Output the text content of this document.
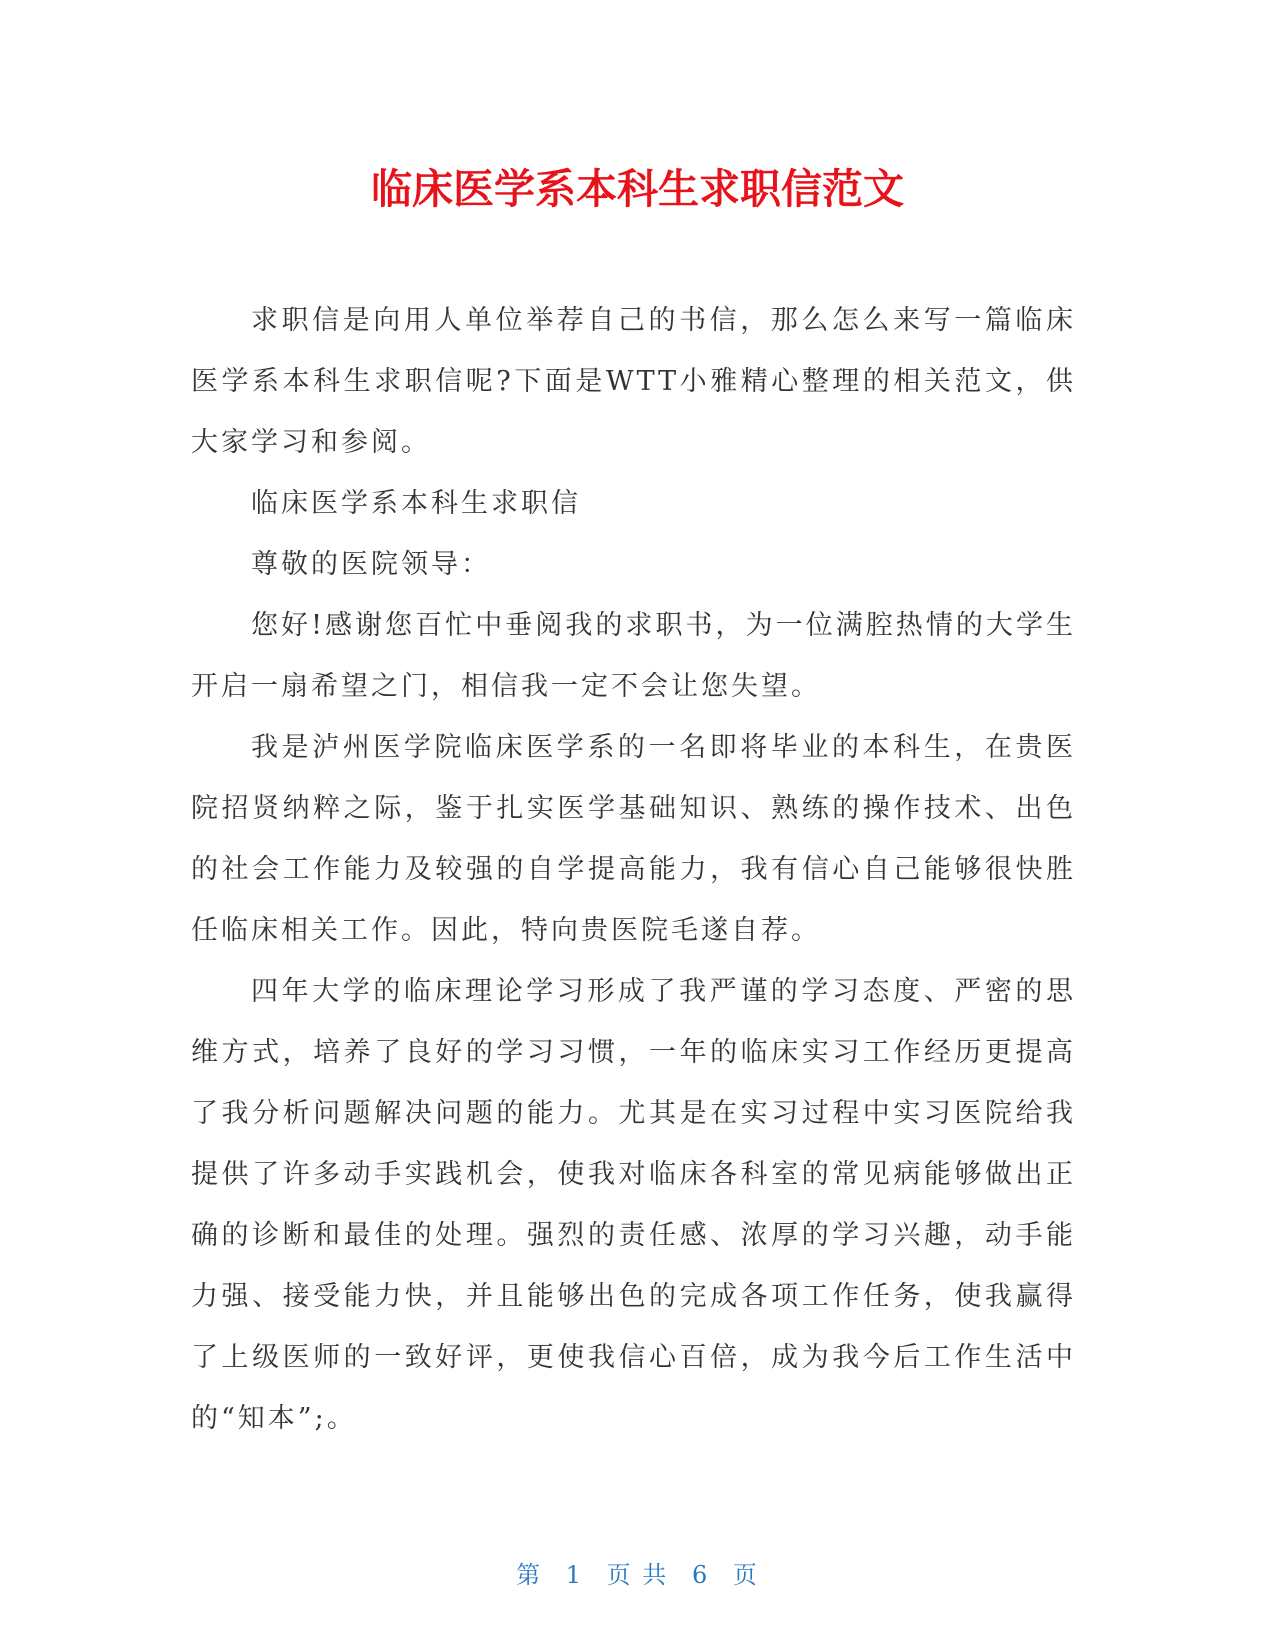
临床医学系本科生求职信范文

求职信是向用人单位举荐自己的书信，那么怎么来写一篇临床医学系本科生求职信呢?下面是WTT小雅精心整理的相关范文，供大家学习和参阅。

临床医学系本科生求职信

尊敬的医院领导：

您好!感谢您百忙中垂阅我的求职书，为一位满腔热情的大学生开启一扇希望之门，相信我一定不会让您失望。

我是泸州医学院临床医学系的一名即将毕业的本科生，在贵医院招贤纳粹之际，鉴于扎实医学基础知识、熟练的操作技术、出色的社会工作能力及较强的自学提高能力，我有信心自己能够很快胜任临床相关工作。因此，特向贵医院毛遂自荐。

四年大学的临床理论学习形成了我严谨的学习态度、严密的思维方式，培养了良好的学习习惯，一年的临床实习工作经历更提高了我分析问题解决问题的能力。尤其是在实习过程中实习医院给我提供了许多动手实践机会，使我对临床各科室的常见病能够做出正确的诊断和最佳的处理。强烈的责任感、浓厚的学习兴趣，动手能力强、接受能力快，并且能够出色的完成各项工作任务，使我赢得了上级医师的一致好评，更使我信心百倍，成为我今后工作生活中的“知本”;。

第 1 页 共 6 页
